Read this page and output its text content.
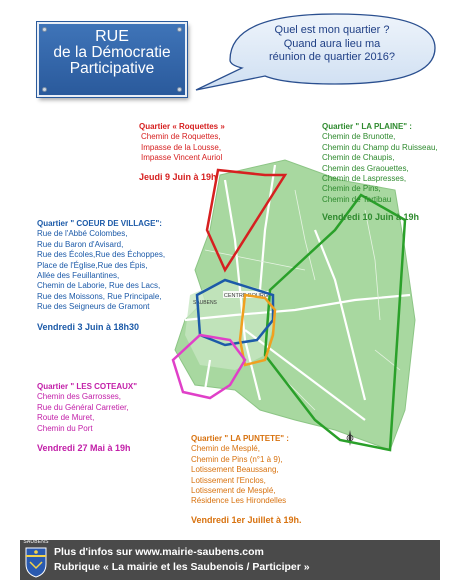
RUE
de la Démocratie
Participative
Quel est mon quartier ?
Quand aura lieu ma
réunion de quartier 2016?
CENTRE BOURG
SAUBENS
Quartier « Roquettes »
Chemin de Roquettes,
Impasse de la Lousse,
Impasse Vincent Auriol
Jeudi 9 Juin à 19h
Quartier " LA PLAINE" :
Chemin de Brunotte,
Chemin du Champ du Ruisseau,
Chemin de Chaupis,
Chemin des Graouettes,
Chemin de Laspresses,
Chemin de Pins,
Chemin de Tartibau
Vendredi 10 Juin à 19h
Quartier " COEUR DE VILLAGE":
Rue de l'Abbé Colombes,
Rue du Baron d'Avisard,
Rue des Écoles,Rue des Échoppes,
Place de l'Église,Rue des Épis,
Allée des Feuillantines,
Chemin de Laborie, Rue des Lacs,
Rue des Moissons, Rue Principale,
Rue des Seigneurs de Gramont
Vendredi 3 Juin à 18h30
Quartier " LES COTEAUX"
Chemin des Garrosses,
Rue du Général Carretier,
Route de Muret,
Chemin du Port
Vendredi 27 Mai à 19h
Quartier " LA PUNTETE" :
Chemin de Mesplé,
Chemin de Pins (n°1 à 9),
Lotissement Beaussang,
Lotissement l'Enclos,
Lotissement de Mesplé,
Résidence Les Hirondelles
Vendredi 1er Juillet à 19h.
SAUBENS
Plus d'infos sur www.mairie-saubens.com
Rubrique « La mairie et les Saubenois / Participer »
